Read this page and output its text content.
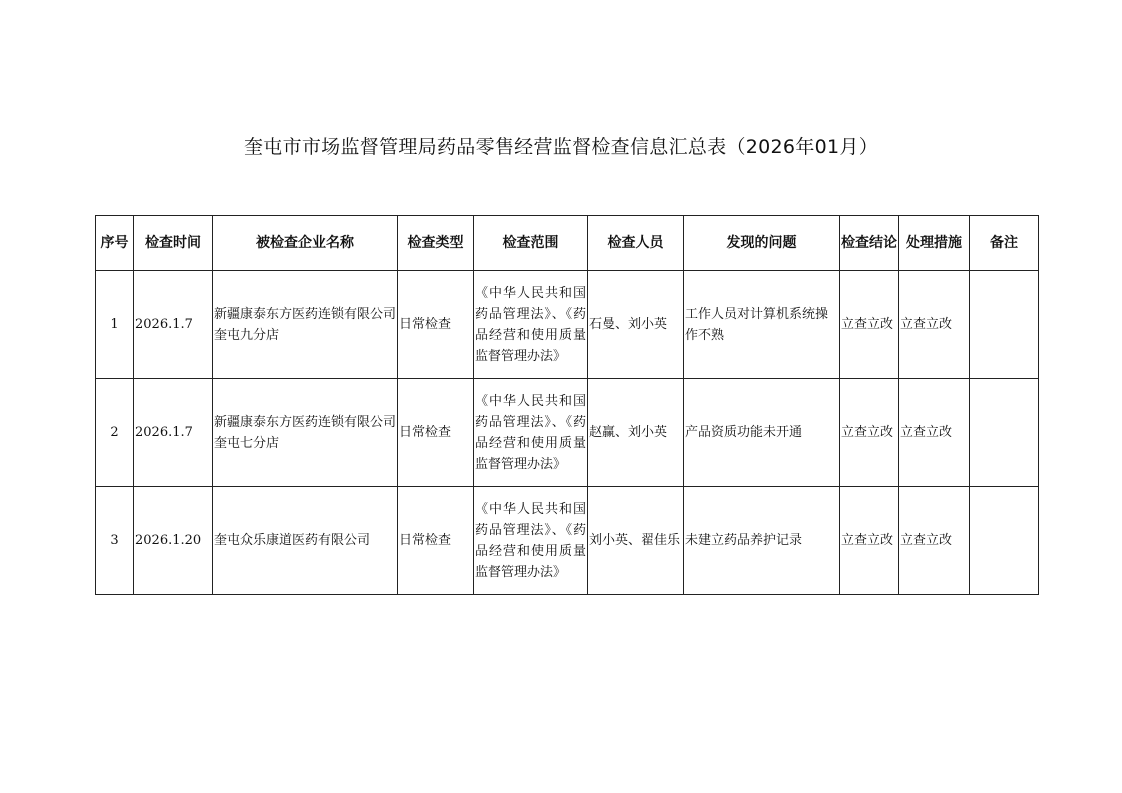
奎屯市市场监督管理局药品零售经营监督检查信息汇总表（2026年01月）
序号	检查时间	被检查企业名称	检查类型	检查范围	检查人员	发现的问题	检查结论	处理措施	备注
1	2026.1.7	新疆康泰东方医药连锁有限公司奎屯九分店	日常检查	《中华人民共和国药品管理法》、《药品经营和使用质量监督管理办法》	石曼、刘小英	工作人员对计算机系统操作不熟	立查立改	立查立改	
2	2026.1.7	新疆康泰东方医药连锁有限公司奎屯七分店	日常检查	《中华人民共和国药品管理法》、《药品经营和使用质量监督管理办法》	赵赢、刘小英	产品资质功能未开通	立查立改	立查立改	
3	2026.1.20	奎屯众乐康道医药有限公司	日常检查	《中华人民共和国药品管理法》、《药品经营和使用质量监督管理办法》	刘小英、翟佳乐	未建立药品养护记录	立查立改	立查立改	
